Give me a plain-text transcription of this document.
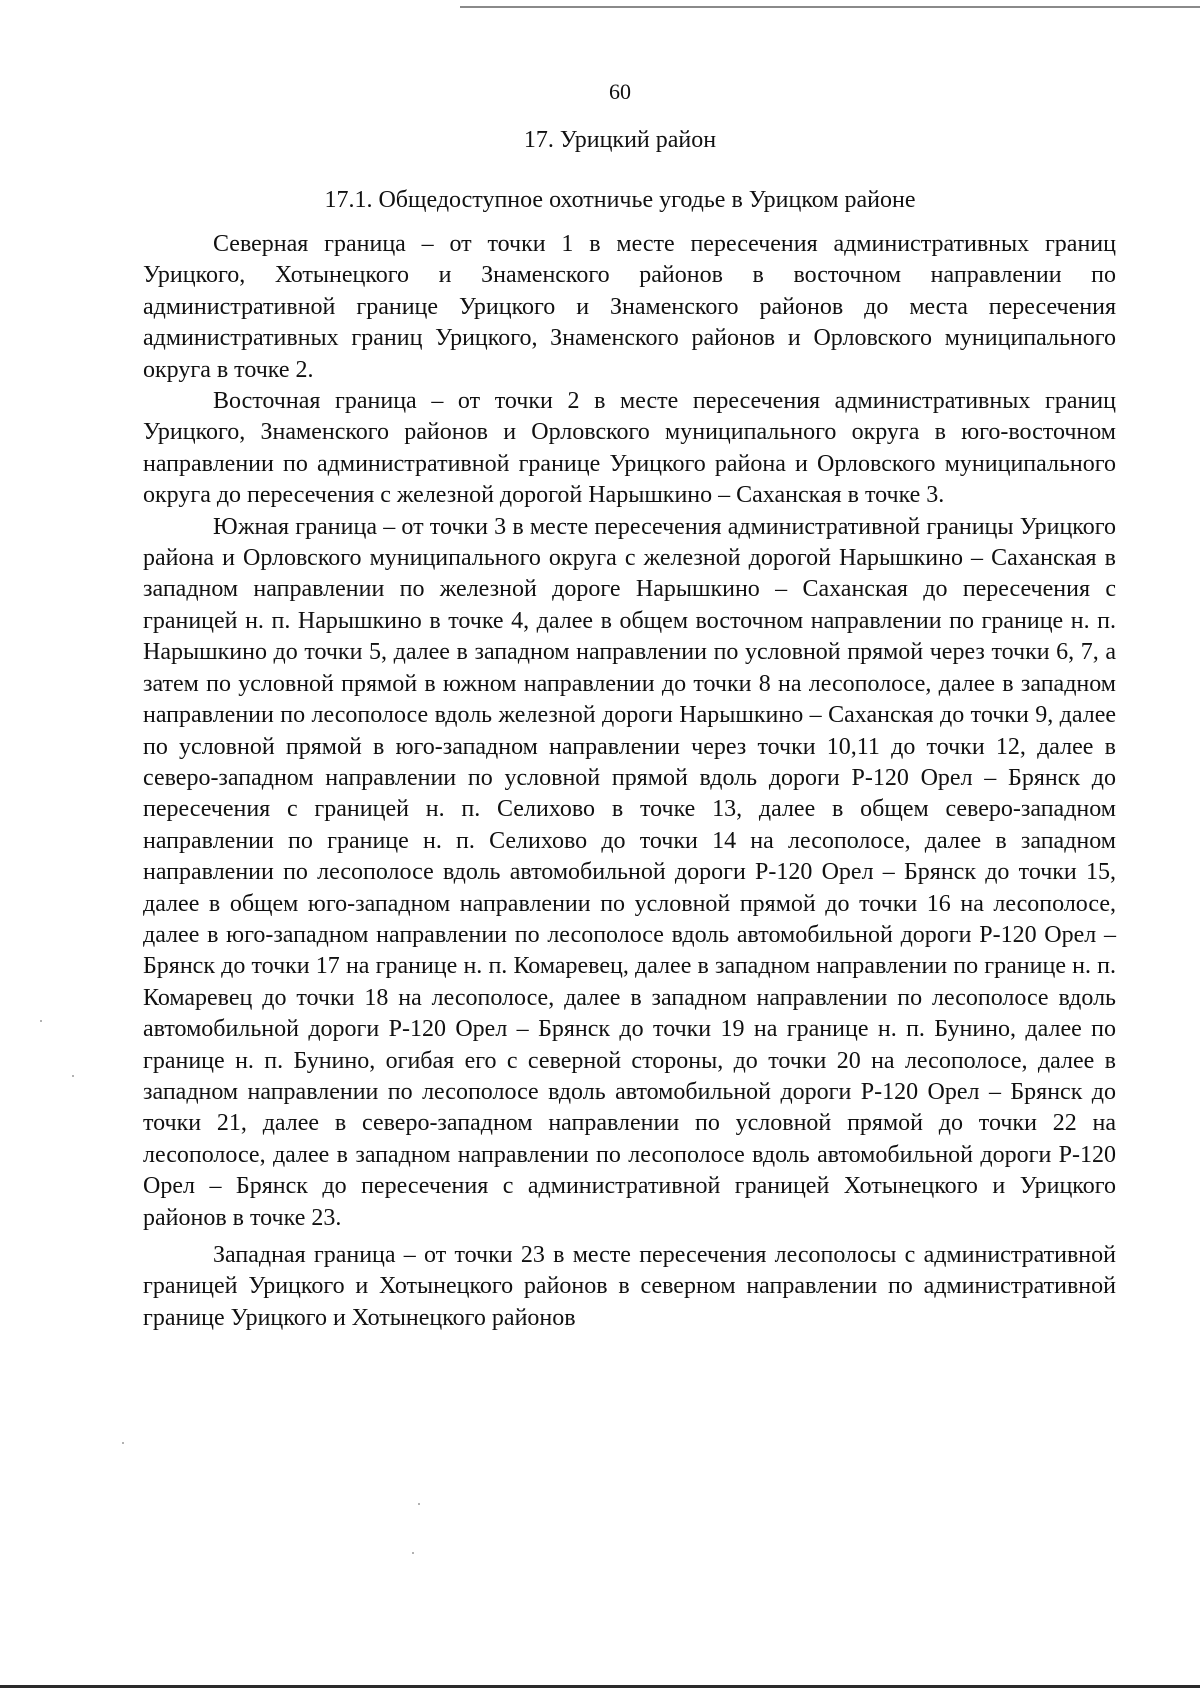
60
17. Урицкий район
17.1. Общедоступное охотничье угодье в Урицком районе

Северная граница – от точки 1 в месте пересечения административных границ Урицкого, Хотынецкого и Знаменского районов в восточном направлении по административной границе Урицкого и Знаменского районов до места пересечения административных границ Урицкого, Знаменского районов и Орловского муниципального округа в точке 2.

Восточная граница – от точки 2 в месте пересечения административных границ Урицкого, Знаменского районов и Орловского муниципального округа в юго-восточном направлении по административной границе Урицкого района и Орловского муниципального округа до пересечения с железной дорогой Нарышкино – Саханская в точке 3.

Южная граница – от точки 3 в месте пересечения административной границы Урицкого района и Орловского муниципального округа с железной дорогой Нарышкино – Саханская в западном направлении по железной дороге Нарышкино – Саханская до пересечения с границей н. п. Нарышкино в точке 4, далее в общем восточном направлении по границе н. п. Нарышкино до точки 5, далее в западном направлении по условной прямой через точки 6, 7, а затем по условной прямой в южном направлении до точки 8 на лесополосе, далее в западном направлении по лесополосе вдоль железной дороги Нарышкино – Саханская до точки 9, далее по условной прямой в юго-западном направлении через точки 10,11 до точки 12, далее в северо-западном направлении по условной прямой вдоль дороги Р-120 Орел – Брянск до пересечения с границей н. п. Селихово в точке 13, далее в общем северо-западном направлении по границе н. п. Селихово до точки 14 на лесополосе, далее в западном направлении по лесополосе вдоль автомобильной дороги Р-120 Орел – Брянск до точки 15, далее в общем юго-западном направлении по условной прямой до точки 16 на лесополосе, далее в юго-западном направлении по лесополосе вдоль автомобильной дороги Р-120 Орел – Брянск до точки 17 на границе н. п. Комаревец, далее в западном направлении по границе н. п. Комаревец до точки 18 на лесополосе, далее в западном направлении по лесополосе вдоль автомобильной дороги Р-120 Орел – Брянск до точки 19 на границе н. п. Бунино, далее по границе н. п. Бунино, огибая его с северной стороны, до точки 20 на лесополосе, далее в западном направлении по лесополосе вдоль автомобильной дороги Р-120 Орел – Брянск до точки 21, далее в северо-западном направлении по условной прямой до точки 22 на лесополосе, далее в западном направлении по лесополосе вдоль автомобильной дороги Р-120 Орел – Брянск до пересечения с административной границей Хотынецкого и Урицкого районов в точке 23.

Западная граница – от точки 23 в месте пересечения лесополосы с административной границей Урицкого и Хотынецкого районов в северном направлении по административной границе Урицкого и Хотынецкого районов
